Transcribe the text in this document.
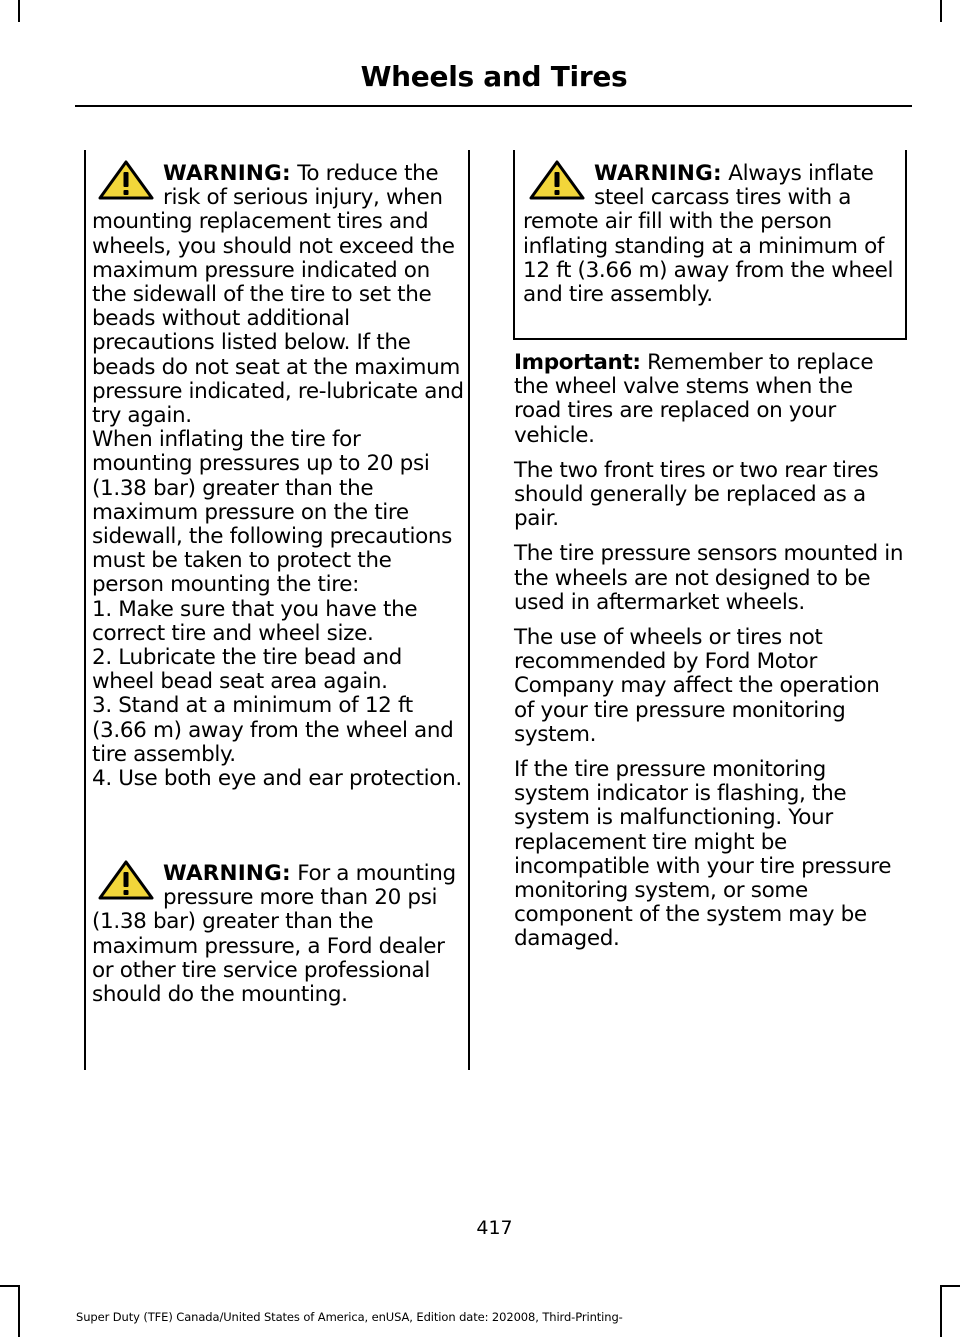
Wheels and Tires

WARNING: To reduce the risk of serious injury, when mounting replacement tires and wheels, you should not exceed the maximum pressure indicated on the sidewall of the tire to set the beads without additional precautions listed below. If the beads do not seat at the maximum pressure indicated, re-lubricate and try again.

When inflating the tire for mounting pressures up to 20 psi (1.38 bar) greater than the maximum pressure on the tire sidewall, the following precautions must be taken to protect the person mounting the tire:

1. Make sure that you have the correct tire and wheel size.

2. Lubricate the tire bead and wheel bead seat area again.

3. Stand at a minimum of 12 ft (3.66 m) away from the wheel and tire assembly.

4. Use both eye and ear protection.

WARNING: For a mounting pressure more than 20 psi (1.38 bar) greater than the maximum pressure, a Ford dealer or other tire service professional should do the mounting.

WARNING: Always inflate steel carcass tires with a remote air fill with the person inflating standing at a minimum of 12 ft (3.66 m) away from the wheel and tire assembly.

Important: Remember to replace the wheel valve stems when the road tires are replaced on your vehicle.

The two front tires or two rear tires should generally be replaced as a pair.

The tire pressure sensors mounted in the wheels are not designed to be used in aftermarket wheels.

The use of wheels or tires not recommended by Ford Motor Company may affect the operation of your tire pressure monitoring system.

If the tire pressure monitoring system indicator is flashing, the system is malfunctioning. Your replacement tire might be incompatible with your tire pressure monitoring system, or some component of the system may be damaged.

417
Super Duty (TFE) Canada/United States of America, enUSA, Edition date: 202008, Third-Printing-
